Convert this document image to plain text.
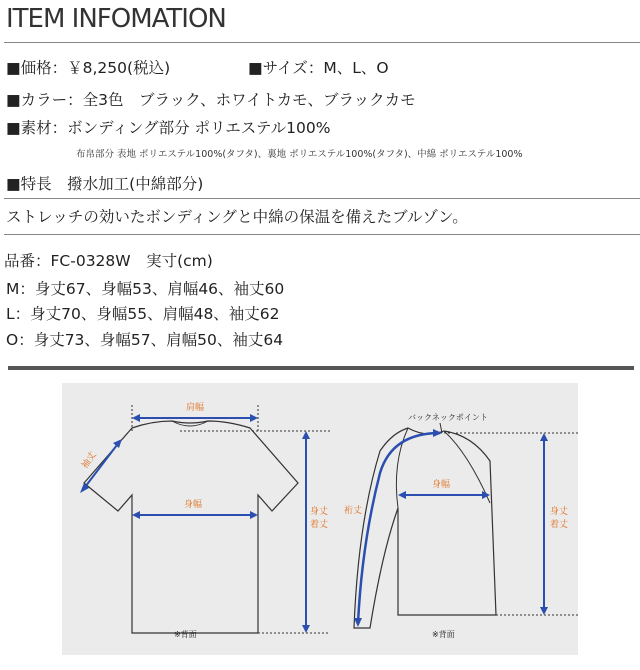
ITEM INFOMATION
■価格：￥8,250(税込)	■サイズ：M、L、O
■カラー：全3色　ブラック、ホワイトカモ、ブラックカモ
■素材：ボンディング部分 ポリエステル100%
布帛部分 表地 ポリエステル100%(タフタ)、裏地 ポリエステル100%(タフタ)、中綿 ポリエステル100%
■特長　撥水加工(中綿部分)
ストレッチの効いたボンディングと中綿の保温を備えたブルゾン。
品番：FC-0328W　実寸(cm)
M：身丈67、身幅53、肩幅46、袖丈60
L：身丈70、身幅55、肩幅48、袖丈62
O：身丈73、身幅57、肩幅50、袖丈64
肩幅
袖丈
身幅
身丈
着丈
※背面
バックネックポイント
裄丈
身幅
身丈
着丈
※背面
